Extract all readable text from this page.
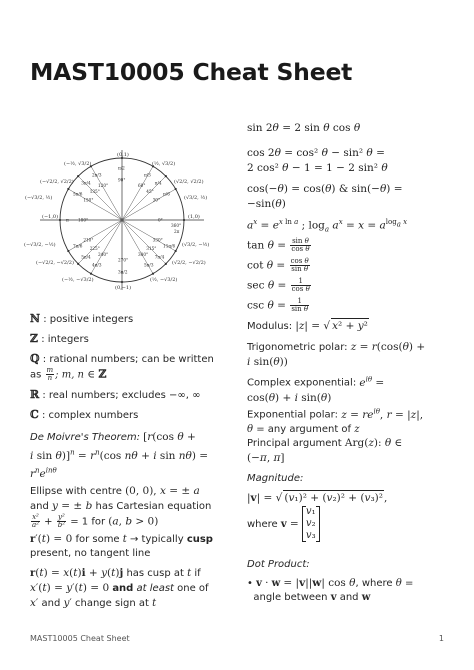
MAST10005 Cheat Sheet
(0,1)
(0,−1)
(−1,0)	(1,0)
(−½, √3/2)
(−√2/2, √2/2)
(−√3/2, ½)
(½, √3/2)
(√2/2, √2/2)
(√3/2, ½)
(−√3/2, −½)
(−√2/2, −√2/2)
(−½, −√3/2)
(√3/2, −½)
(√2/2, −√2/2)
(½, −√3/2)
0°
30°
45°
60°
90°
120°
135°
150°
180°
210°
225°
240°
270°
300°
315°
330°
π/6
π/4
π/3
π/2
2π/3
3π/4
5π/6
π
7π/6
5π/4
4π/3
3π/2
5π/3
7π/4
11π/6
360°
2π
ℕ : positive integers
ℤ : integers
ℚ : rational numbers; can be written
as $\frac{m}{n}$ ; m, n ∈ ℤ
ℝ : real numbers; excludes −∞, ∞
ℂ : complex numbers
De Moivre's Theorem: [r(cos θ +
i $\sin \theta)]^n = r^n(\cos$ nθ + i sin nθ) =
$r^ne^{in\theta}$
Ellipse with centre (0, 0), x = ± a
and y = ± b has Cartesian equation

$\frac{\text{x²}}{\text{a²}} + \frac{\text{y²}}{\text{b²}} = 1$ for (a, b > 0)
r′(t) = 0 for some t → typically cusp
present, no tangent line
r(t) = x(t)i + y(t)j has cusp at t if
x′(t) = y′(t) = 0 and at least one of
x′ and y′ change sign at t
sin 2θ = 2 sin θ cos θ
cos 2θ = cos² θ − sin² θ =
2 cos² θ − 1 = 1 − 2 sin² θ
cos(−θ) = cos(θ) & sin(−θ) =
−sin(θ)
$a^x = e^{x ln a}$ ; $\log_a a^x = x = a^{log_a x}$
$\tan \theta = \frac{\text{sin θ}}{\text{cos θ}}$
$\cot \theta = \frac{\text{cos θ}}{\text{sin θ}}$
$\sec \theta = \frac{1}{\text{cos θ}}$
$\csc \theta = \frac{1}{\text{sin θ}}$
Modulus: |z| = √ x² + y²
Trigonometric polar: z = r(cos(θ) +
i sin(θ))
Complex exponential: $e^{i\theta}$ =
cos(θ) + i sin(θ)
Exponential polar: $z = re^{i\theta}$, r = |z|,
θ = any argument of z
Principal argument Arg(z): θ ∈
(−π, π]
Magnitude:
|v| = √ (v₁)² + (v₂)² + (v₃)²,
where v = v₁
v₂
v₃
Dot Product:
• v · w = |v||w| cos θ, where θ =
angle between v and w
MAST10005 Cheat Sheet	1
